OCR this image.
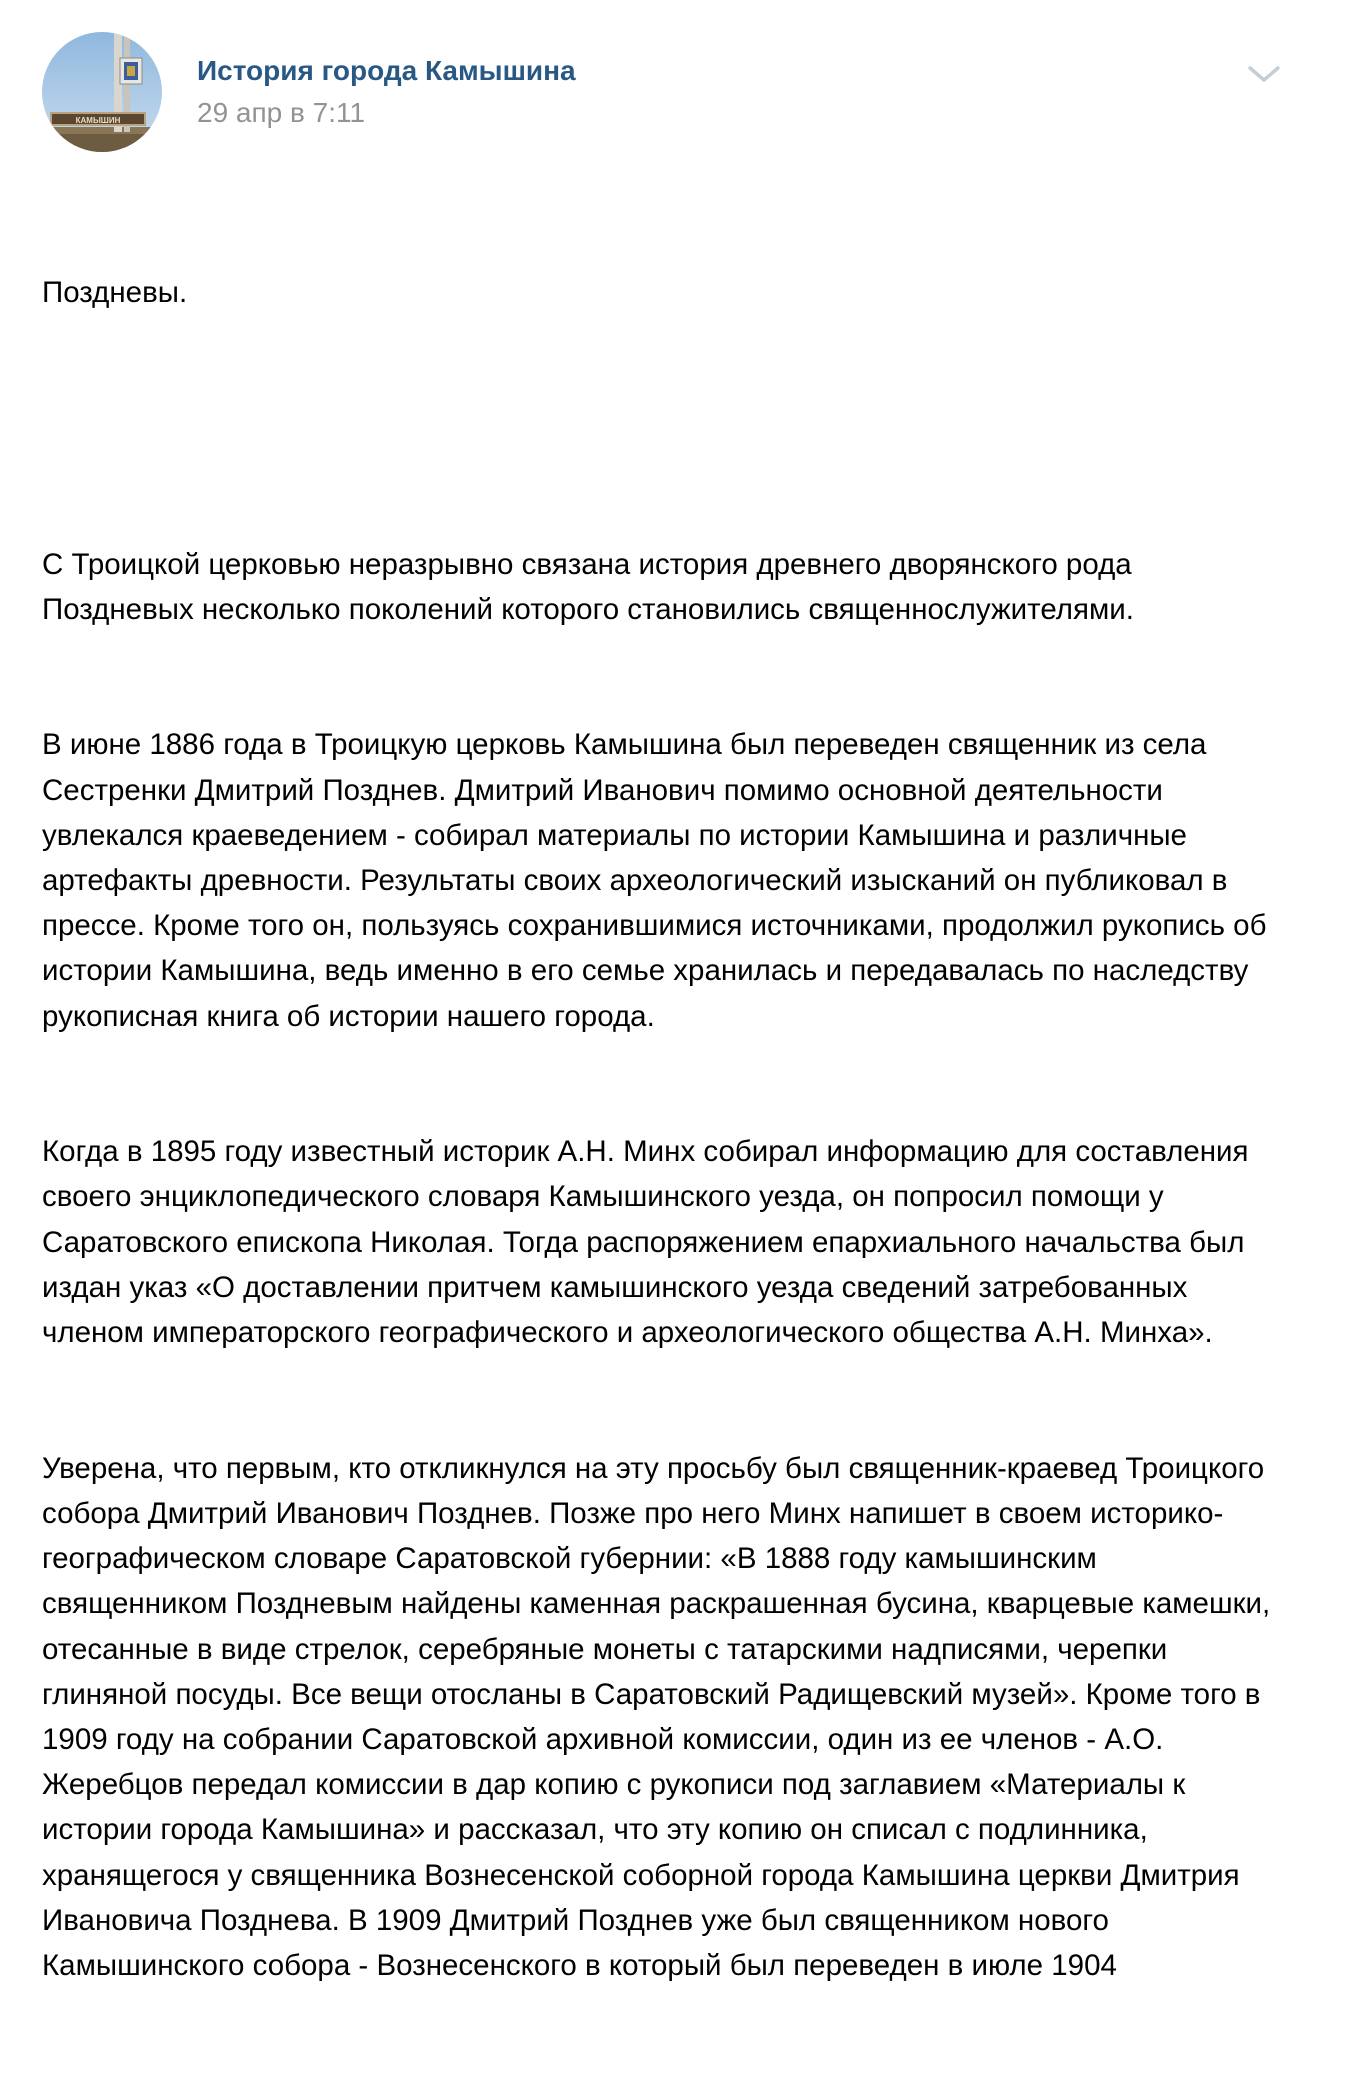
КАМЫШИН
История города Камышина
29 апр в 7:11

Поздневы.

С Троицкой церковью неразрывно связана история древнего дворянского рода Поздневых несколько поколений которого становились священнослужителями.

В июне 1886 года в Троицкую церковь Камышина был переведен священник из села Сестренки Дмитрий Позднев. Дмитрий Иванович помимо основной деятельности увлекался краеведением - собирал материалы по истории Камышина и различные артефакты древности. Результаты своих археологический изысканий он публиковал в прессе. Кроме того он, пользуясь сохранившимися источниками, продолжил рукопись об истории Камышина, ведь именно в его семье хранилась и передавалась по наследству рукописная книга об истории нашего города.

Когда в 1895 году известный историк А.Н. Минх собирал информацию для составления своего энциклопедического словаря Камышинского уезда, он попросил помощи у Саратовского епископа Николая. Тогда распоряжением епархиального начальства был издан указ «О доставлении притчем камышинского уезда сведений затребованных членом императорского географического и археологического общества А.Н. Минха».

Уверена, что первым, кто откликнулся на эту просьбу был священник-краевед Троицкого собора Дмитрий Иванович Позднев. Позже про него Минх напишет в своем историко-географическом словаре Саратовской губернии: «В 1888 году камышинским священником Поздневым найдены каменная раскрашенная бусина, кварцевые камешки, отесанные в виде стрелок, серебряные монеты с татарскими надписями, черепки глиняной посуды. Все вещи отосланы в Саратовский Радищевский музей». Кроме того в 1909 году на собрании Саратовской архивной комиссии, один из ее членов - А.О. Жеребцов передал комиссии в дар копию с рукописи под заглавием «Материалы к истории города Камышина» и рассказал, что эту копию он списал с подлинника, хранящегося у священника Вознесенской соборной города Камышина церкви Дмитрия Ивановича Позднева. В 1909 Дмитрий Позднев уже был священником нового Камышинского собора - Вознесенского в который был переведен в июле 1904
